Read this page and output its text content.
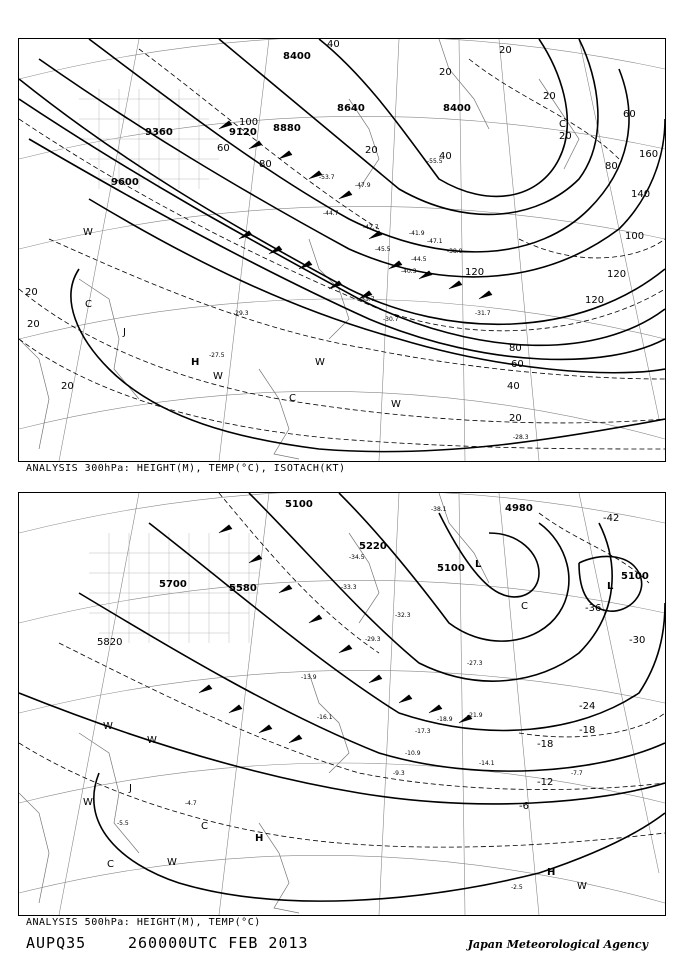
8400
8640
8880
9120
9360
9600
8400
40
20
20
100
20
60
80
40
120
20
60
80
100
120
140
160
120
80
60
40
20
20
20
20
20
-55.5
-53.7
-47.9
-44.7
-42.7
-41.9
-38.9
-33.7
-31.7
-30.7
-29.3
-27.5
-28.3
-47.1
-45.5
-44.5
-40.3
H
C
C
C
W
W
W
W
J
ANALYSIS 300hPa: HEIGHT(M), TEMP(°C), ISOTACH(KT)
5100
5220
4980
5100
5100
5700	5580
5820
-42
-36
-30
-24
-18
-12
-6
-18
-38.1
-34.5
-33.3
-32.3
-29.3
-27.3
-21.9
-18.9
-16.1
-14.1
-10.9
-9.3	-7.7
-4.7
-5.5
-2.5
-13.9
-17.3
H
H
L
L
C
C
C
W
W
W
W
W
J
ANALYSIS 500hPa: HEIGHT(M), TEMP(°C)
AUPQ35	260000UTC FEB 2013	Japan Meteorological Agency
